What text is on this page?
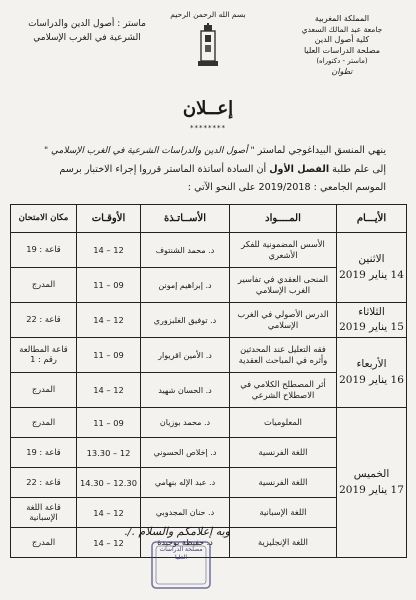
المملكة المغربية
جامعة عبد المالك السعدي
كلية أصول الدين
مصلحة الدراسات العليا
(ماستر - دكتوراه)
تطوان
بسم الله الرحمن الرحيم
ماستر : أصول الدين والدراسات
الشرعية في الغرب الإسلامي
إعــلان
********
ينهي المنسق البيداغوجي لماستر " أصول الدين والدراسات الشرعية في الغرب الإسلامي "
إلى علم طلبة الفصل الأول أن السادة أساتذة الماستر قرروا إجراء الاختبار برسم
الموسم الجامعي : 2019/2018 على النحو الآتي :
الأيـــام	المــــواد	الأســاتـذة	الأوقـات	مكان الامتحان

الاثنين
14 يناير 2019	الأسس المضمونية للفكر الأشعري	د. محمد الشنتوف	12 – 14	قاعة : 19
	المنحى العقدي في تفاسير الغرب الإسلامي	د. إبراهيم إمونن	09 – 11	المدرج

الثلاثاء
15 يناير 2019	الدرس الأصولي في الغرب الإسلامي	د. توفيق الغلبزوري	12 – 14	قاعة : 22

الأربعاء
16 يناير 2019	فقه التعليل عند المحدثين وأثره في المباحث العقدية	د. الأمين اقريوار	09 – 11	قاعة المطالعة رقم : 1
	أثر المصطلح الكلامي في الاصطلاح الشرعي	د. الحسان شهيد	12 – 14	المدرج

الخميس
17 يناير 2019	المعلوميات	د. محمد بوزيان	09 – 11	المدرج
	اللغة الفرنسية	د. إخلاص الحسوني	12 – 13.30	قاعة : 19
	اللغة الفرنسية	د. عبد الإله بنهامي	12.30 – 14.30	قاعة : 22
	اللغة الإسبانية	د. حنان المجدوبي	12 – 14	قاعة اللغة الإسبانية
	اللغة الإنجليزية	د. حفيظة بوجيدة	12 – 14	المدرج
وبه إعلامكم والسلام ./.
مصلحة الدراسات العليا
